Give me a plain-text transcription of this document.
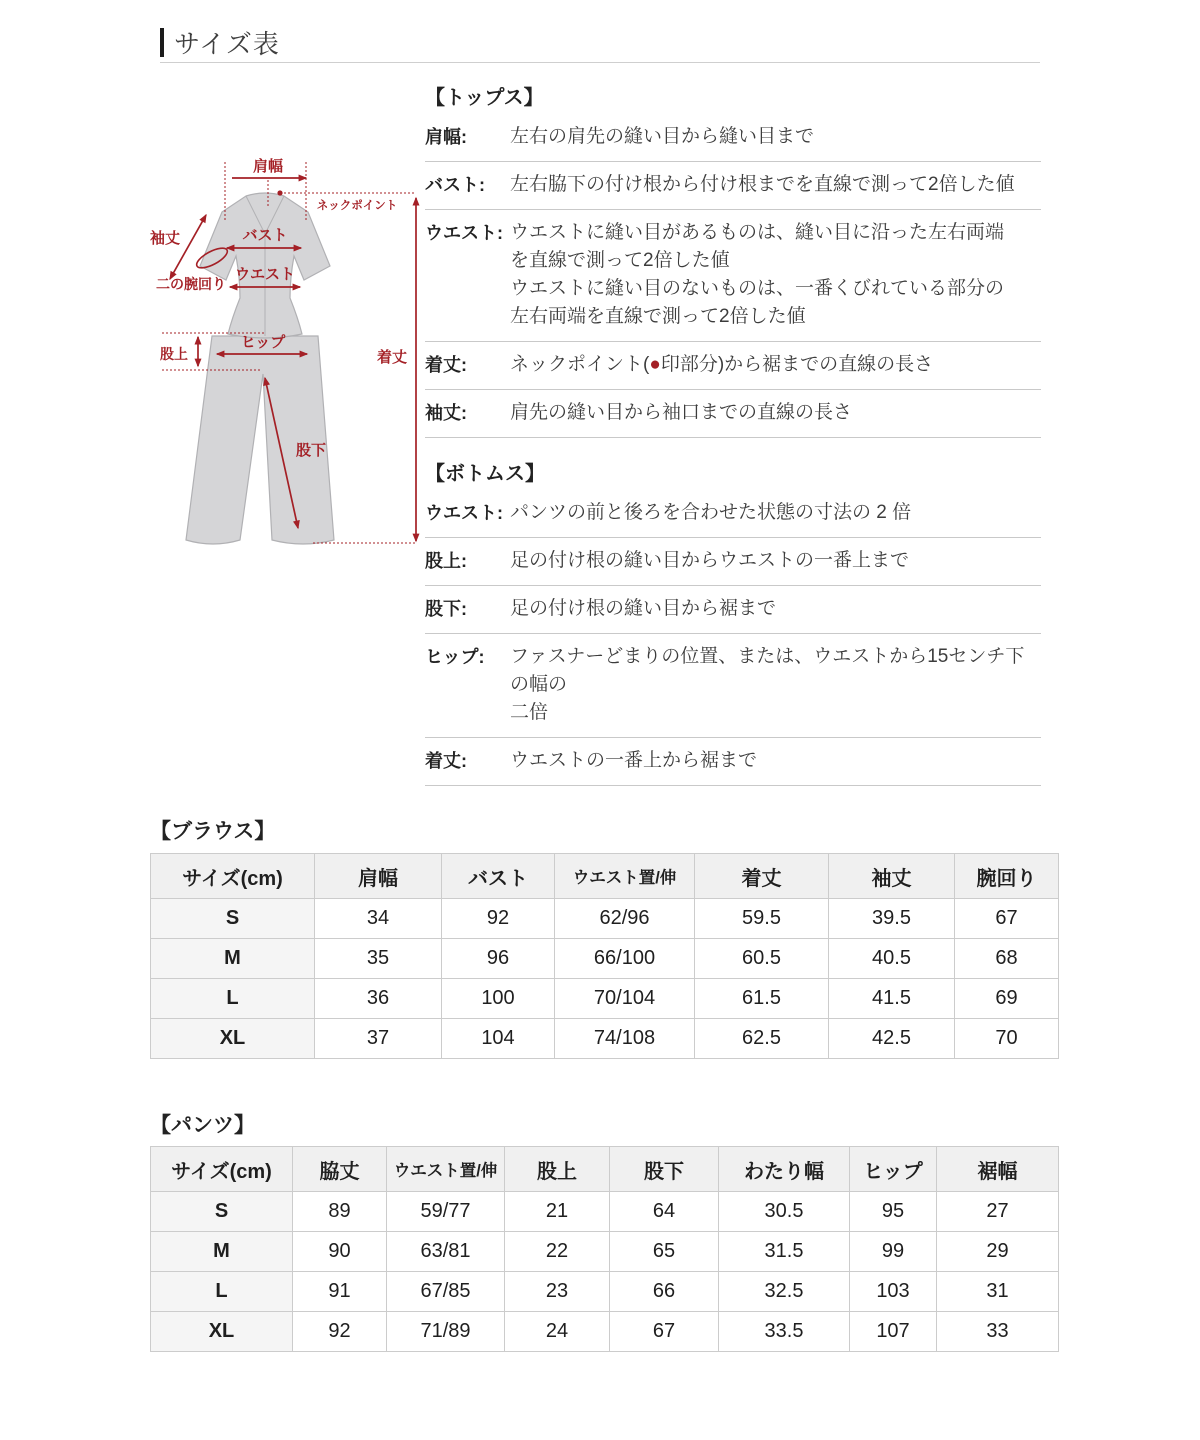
サイズ表
肩幅
ネックポイント
着丈
袖丈
二の腕回り
バスト
ウエスト
股上
ヒップ
股下
【トップス】
肩幅:	左右の肩先の縫い目から縫い目まで
バスト:	左右脇下の付け根から付け根までを直線で測って2倍した値
ウエスト: ウエストに縫い目があるものは、縫い目に沿った左右両端
を直線で測って2倍した値
ウエストに縫い目のないものは、一番くびれている部分の
左右両端を直線で測って2倍した値
着丈:	ネックポイント(●印部分)から裾までの直線の長さ
袖丈:	肩先の縫い目から袖口までの直線の長さ
【ボトムス】
ウエスト: パンツの前と後ろを合わせた状態の寸法の 2 倍
股上:	足の付け根の縫い目からウエストの一番上まで
股下:	足の付け根の縫い目から裾まで
ヒップ:	ファスナーどまりの位置、または、ウエストから15センチ下の幅の
二倍
着丈:	ウエストの一番上から裾まで
【ブラウス】
サイズ(cm)	肩幅	バスト	ウエスト置/伸	着丈	袖丈	腕回り
S	34	92	62/96	59.5	39.5	67
M	35	96	66/100	60.5	40.5	68
L	36	100	70/104	61.5	41.5	69
XL	37	104	74/108	62.5	42.5	70
【パンツ】
サイズ(cm)	脇丈	ウエスト置/伸	股上	股下	わたり幅	ヒップ	裾幅
S	89	59/77	21	64	30.5	95	27
M	90	63/81	22	65	31.5	99	29
L	91	67/85	23	66	32.5	103	31
XL	92	71/89	24	67	33.5	107	33
